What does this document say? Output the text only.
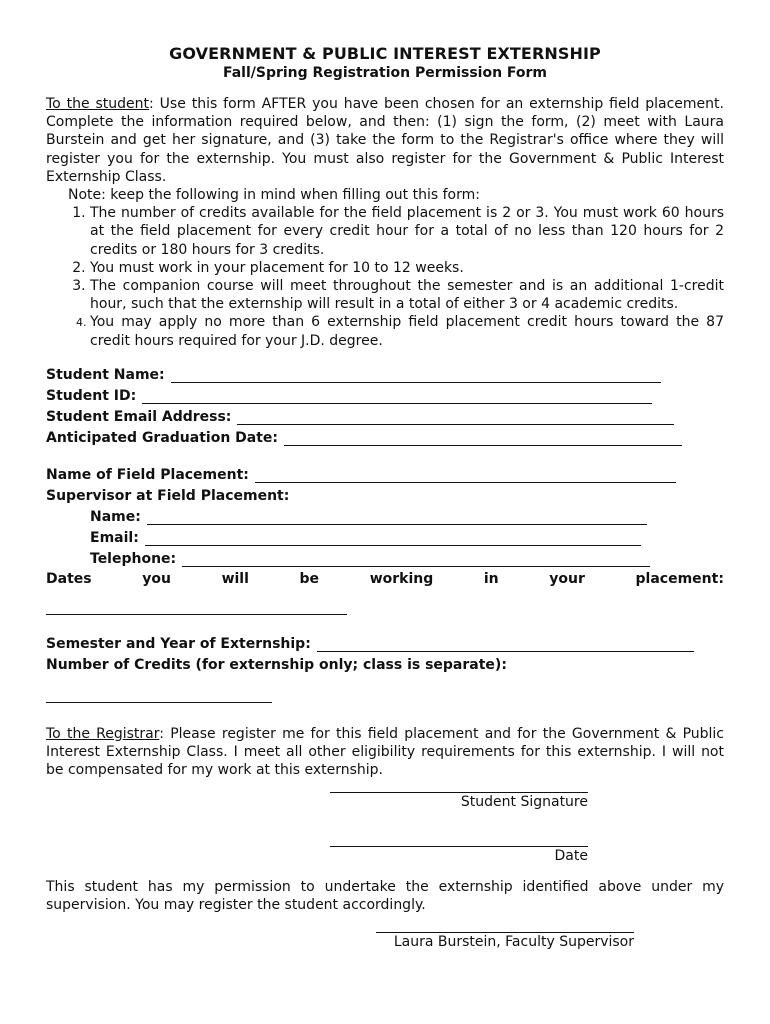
GOVERNMENT & PUBLIC INTEREST EXTERNSHIP
Fall/Spring Registration Permission Form
To the student: Use this form AFTER you have been chosen for an externship field placement. Complete the information required below, and then: (1) sign the form, (2) meet with Laura Burstein and get her signature, and (3) take the form to the Registrar's office where they will register you for the externship. You must also register for the Government & Public Interest Externship Class.
Note: keep the following in mind when filling out this form:
1. The number of credits available for the field placement is 2 or 3. You must work 60 hours at the field placement for every credit hour for a total of no less than 120 hours for 2 credits or 180 hours for 3 credits.
2. You must work in your placement for 10 to 12 weeks.
3. The companion course will meet throughout the semester and is an additional 1-credit hour, such that the externship will result in a total of either 3 or 4 academic credits.
4. You may apply no more than 6 externship field placement credit hours toward the 87 credit hours required for your J.D. degree.
Student Name:
Student ID:
Student Email Address:
Anticipated Graduation Date:
Name of Field Placement:
Supervisor at Field Placement:
Name:
Email:
Telephone:
Dates	you	will	be	working	in	your	placement:
Semester and Year of Externship:
Number of Credits (for externship only; class is separate):
To the Registrar: Please register me for this field placement and for the Government & Public Interest Externship Class. I meet all other eligibility requirements for this externship. I will not be compensated for my work at this externship.
Student Signature
Date
This student has my permission to undertake the externship identified above under my supervision. You may register the student accordingly.
Laura Burstein, Faculty Supervisor
